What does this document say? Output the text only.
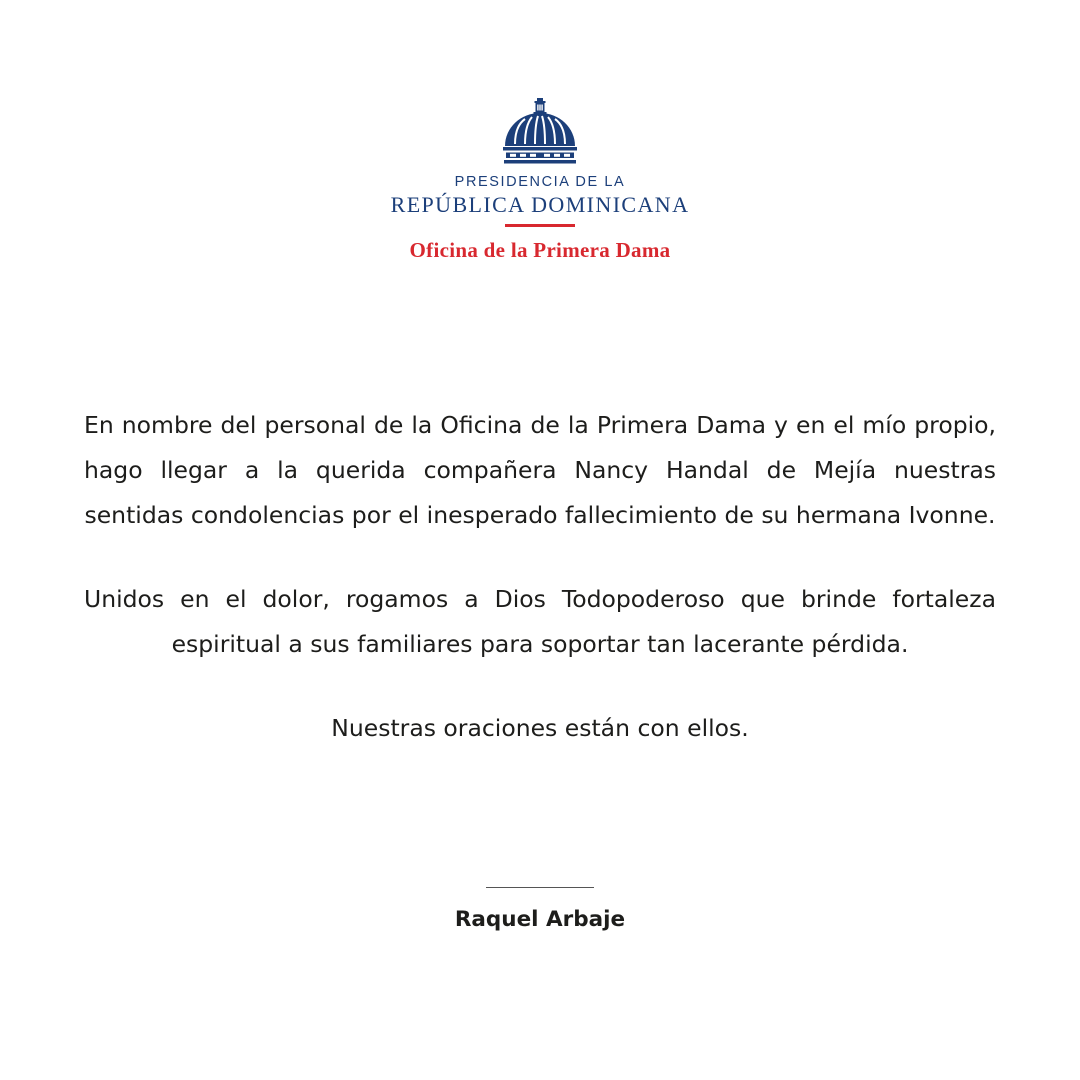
PRESIDENCIA DE LA
REPÚBLICA DOMINICANA
Oficina de la Primera Dama

En nombre del personal de la Oficina de la Primera Dama y en el mío propio, hago llegar a la querida compañera Nancy Handal de Mejía nuestras sentidas condolencias por el inesperado fallecimiento de su hermana Ivonne.

Unidos en el dolor, rogamos a Dios Todopoderoso que brinde fortaleza espiritual a sus familiares para soportar tan lacerante pérdida.

Nuestras oraciones están con ellos.

Raquel Arbaje
